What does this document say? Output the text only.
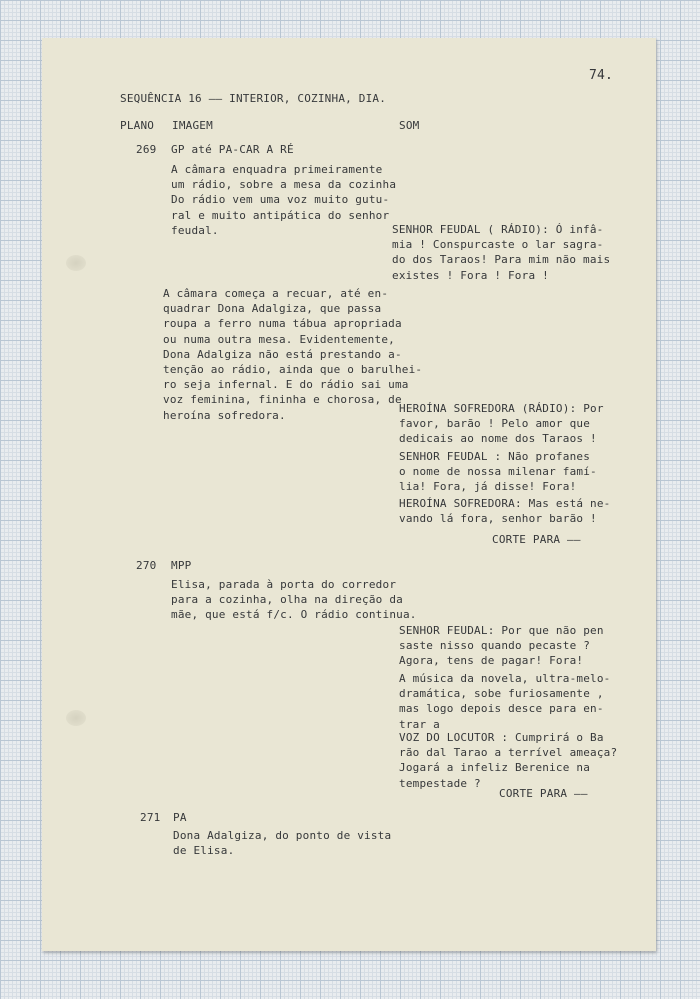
74.
SEQUÊNCIA 16 —— INTERIOR, COZINHA, DIA.
PLANO IMAGEM	SOM
269 GP até PA-CAR A RÉ
A câmara enquadra primeiramente
um rádio, sobre a mesa da cozinha
Do rádio vem uma voz muito gutu-
ral e muito antipática do senhor
feudal.	SENHOR FEUDAL ( RÁDIO): Ó infâ-
mia ! Conspurcaste o lar sagra-
do dos Taraos! Para mim não mais
existes ! Fora ! Fora !
A câmara começa a recuar, até en-
quadrar Dona Adalgiza, que passa
roupa a ferro numa tábua apropriada
ou numa outra mesa. Evidentemente,
Dona Adalgiza não está prestando a-
tenção ao rádio, ainda que o barulhei-
ro seja infernal. E do rádio sai uma
voz feminina, fininha e chorosa, de
heroína sofredora.
HEROÍNA SOFREDORA (RÁDIO): Por
favor, barão ! Pelo amor que
dedicais ao nome dos Taraos !
SENHOR FEUDAL : Não profanes
o nome de nossa milenar famí-
lia! Fora, já disse! Fora!
HEROÍNA SOFREDORA: Mas está ne-
vando lá fora, senhor barão !
CORTE PARA ——
270 MPP
Elisa, parada à porta do corredor
para a cozinha, olha na direção da
mãe, que está f/c. O rádio continua.
SENHOR FEUDAL: Por que não pen
saste nisso quando pecaste ?
Agora, tens de pagar! Fora!
A música da novela, ultra-melo-
dramática, sobe furiosamente ,
mas logo depois desce para en-
trar a
VOZ DO LOCUTOR : Cumprirá o Ba
rão dal Tarao a terrível ameaça?
Jogará a infeliz Berenice na
tempestade ?
CORTE PARA ——
271 PA
Dona Adalgiza, do ponto de vista
de Elisa.
